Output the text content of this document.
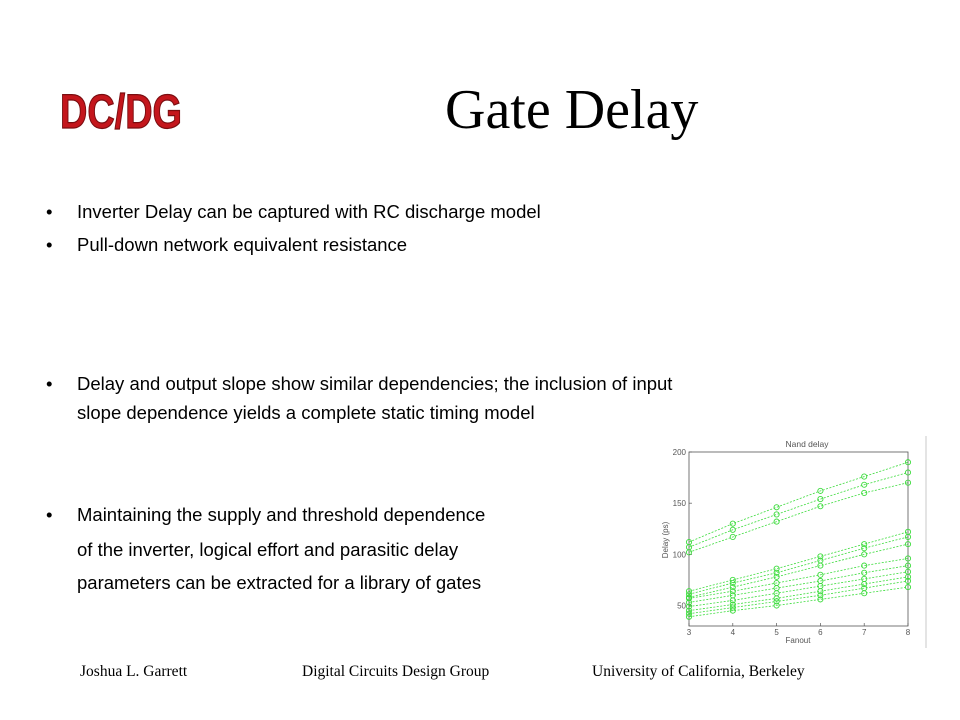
DC/DG	Gate Delay
• Inverter Delay can be captured with RC discharge model
• Pull-down network equivalent resistance
• Delay and output slope show similar dependencies; the inclusion of input
slope dependence yields a complete static timing model
• Maintaining the supply and threshold dependence
of the inverter, logical effort and parasitic delay
parameters can be extracted for a library of gates
Nand delay
Delay (ps)
Fanout
3	4	5	6	7	8
50
100
150
200
Joshua L. Garrett	Digital Circuits Design Group	University of California, Berkeley
